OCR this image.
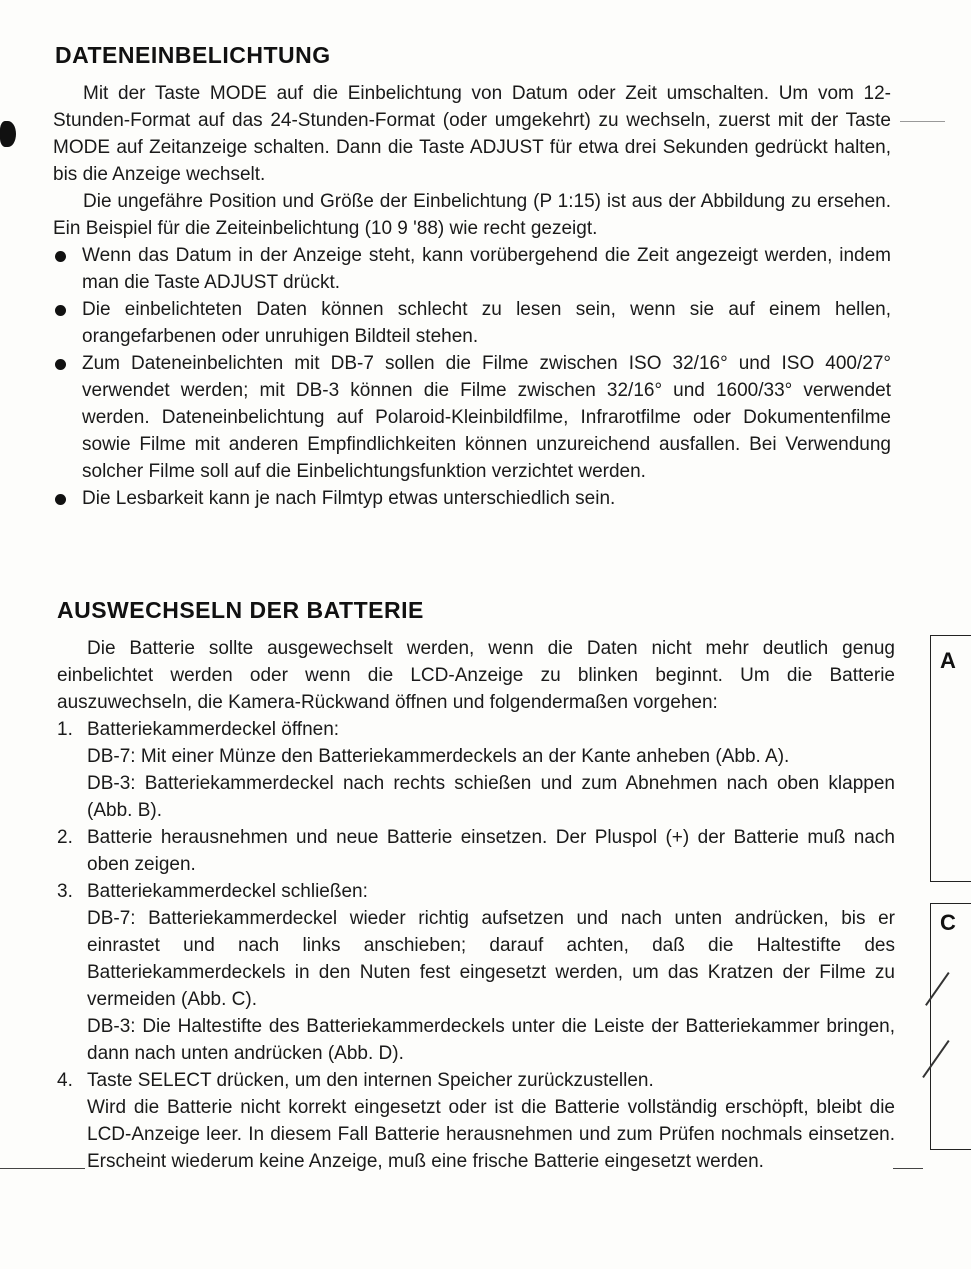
DATENEINBELICHTUNG

Mit der Taste MODE auf die Einbelichtung von Datum oder Zeit umschalten. Um vom 12-Stunden-Format auf das 24-Stunden-Format (oder umgekehrt) zu wechseln, zuerst mit der Taste MODE auf Zeitanzeige schalten. Dann die Taste ADJUST für etwa drei Sekunden gedrückt halten, bis die Anzeige wechselt.

Die ungefähre Position und Größe der Einbelichtung (P 1:15) ist aus der Abbildung zu ersehen. Ein Beispiel für die Zeiteinbelichtung (10 9 '88) wie recht gezeigt.

Wenn das Datum in der Anzeige steht, kann vorübergehend die Zeit angezeigt werden, indem man die Taste ADJUST drückt.
Die einbelichteten Daten können schlecht zu lesen sein, wenn sie auf einem hellen, orangefarbenen oder unruhigen Bildteil stehen.
Zum Dateneinbelichten mit DB-7 sollen die Filme zwischen ISO 32/16° und ISO 400/27° verwendet werden; mit DB-3 können die Filme zwischen 32/16° und 1600/33° verwendet werden. Dateneinbelichtung auf Polaroid-Kleinbildfilme, Infrarotfilme oder Dokumentenfilme sowie Filme mit anderen Empfindlichkeiten können unzureichend ausfallen. Bei Verwendung solcher Filme soll auf die Einbelichtungsfunktion verzichtet werden.
Die Lesbarkeit kann je nach Filmtyp etwas unterschiedlich sein.
AUSWECHSELN DER BATTERIE

Die Batterie sollte ausgewechselt werden, wenn die Daten nicht mehr deutlich genug einbelichtet werden oder wenn die LCD-Anzeige zu blinken beginnt. Um die Batterie auszuwechseln, die Kamera-Rückwand öffnen und folgendermaßen vorgehen:

1. Batteriekammerdeckel öffnen:

DB-7: Mit einer Münze den Batteriekammerdeckels an der Kante anheben (Abb. A).

DB-3: Batteriekammerdeckel nach rechts schießen und zum Abnehmen nach oben klappen (Abb. B).

2. Batterie herausnehmen und neue Batterie einsetzen. Der Pluspol (+) der Batterie muß nach oben zeigen.
3. Batteriekammerdeckel schließen:

DB-7: Batteriekammerdeckel wieder richtig aufsetzen und nach unten andrücken, bis er einrastet und nach links anschieben; darauf achten, daß die Haltestifte des Batteriekammerdeckels in den Nuten fest eingesetzt werden, um das Kratzen der Filme zu vermeiden (Abb. C).

DB-3: Die Haltestifte des Batteriekammerdeckels unter die Leiste der Batteriekammer bringen, dann nach unten andrücken (Abb. D).

4. Taste SELECT drücken, um den internen Speicher zurückzustellen.

Wird die Batterie nicht korrekt eingesetzt oder ist die Batterie vollständig erschöpft, bleibt die LCD-Anzeige leer. In diesem Fall Batterie herausnehmen und zum Prüfen nochmals einsetzen. Erscheint wiederum keine Anzeige, muß eine frische Batterie eingesetzt werden.

A
C
